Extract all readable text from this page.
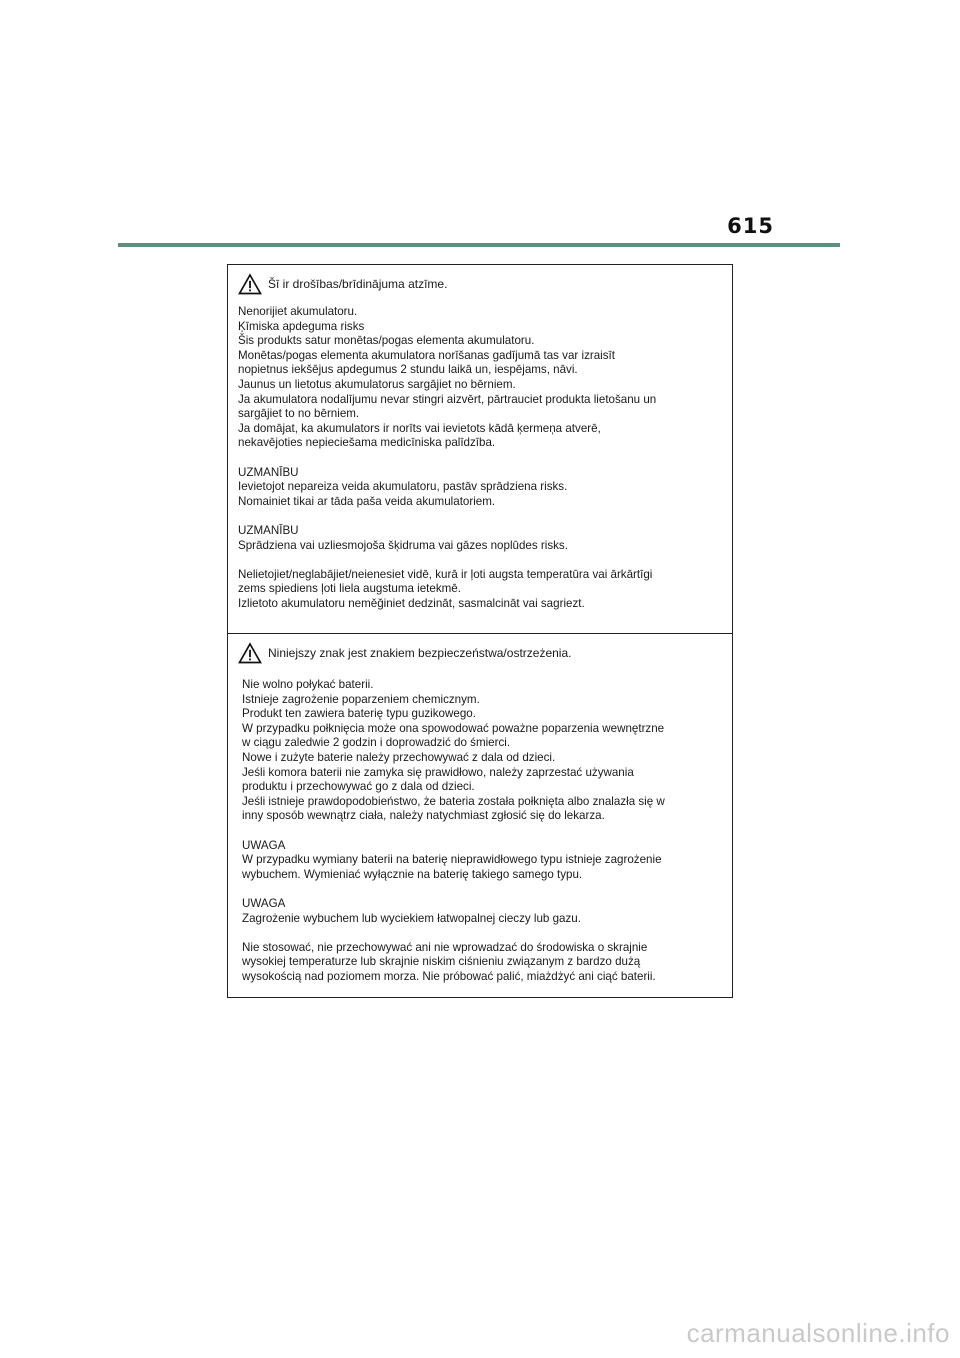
615
Šī ir drošības/brīdinājuma atzīme.
Nenorijiet akumulatoru.
Ķīmiska apdeguma risks
Šis produkts satur monētas/pogas elementa akumulatoru.
Monētas/pogas elementa akumulatora norīšanas gadījumā tas var izraisīt
nopietnus iekšējus apdegumus 2 stundu laikā un, iespējams, nāvi.
Jaunus un lietotus akumulatorus sargājiet no bērniem.
Ja akumulatora nodalījumu nevar stingri aizvērt, pārtrauciet produkta lietošanu un
sargājiet to no bērniem.
Ja domājat, ka akumulators ir norīts vai ievietots kādā ķermeņa atverē,
nekavējoties nepieciešama medicīniska palīdzība.
UZMANĪBU
Ievietojot nepareiza veida akumulatoru, pastāv sprādziena risks.
Nomainiet tikai ar tāda paša veida akumulatoriem.
UZMANĪBU
Sprādziena vai uzliesmojoša šķidruma vai gāzes noplūdes risks.
Nelietojiet/neglabājiet/neienesiet vidē, kurā ir ļoti augsta temperatūra vai ārkārtīgi
zems spiediens ļoti liela augstuma ietekmē.
Izlietoto akumulatoru neměğiniet dedzināt, sasmalcināt vai sagriezt.
Niniejszy znak jest znakiem bezpieczeństwa/ostrzeżenia.
Nie wolno połykać baterii.
Istnieje zagrożenie poparzeniem chemicznym.
Produkt ten zawiera baterię typu guzikowego.
W przypadku połknięcia może ona spowodować poważne poparzenia wewnętrzne
w ciągu zaledwie 2 godzin i doprowadzić do śmierci.
Nowe i zużyte baterie należy przechowywać z dala od dzieci.
Jeśli komora baterii nie zamyka się prawidłowo, należy zaprzestać używania
produktu i przechowywać go z dala od dzieci.
Jeśli istnieje prawdopodobieństwo, że bateria została połknięta albo znalazła się w
inny sposób wewnątrz ciała, należy natychmiast zgłosić się do lekarza.
UWAGA
W przypadku wymiany baterii na baterię nieprawidłowego typu istnieje zagrożenie
wybuchem. Wymieniać wyłącznie na baterię takiego samego typu.
UWAGA
Zagrożenie wybuchem lub wyciekiem łatwopalnej cieczy lub gazu.
Nie stosować, nie przechowywać ani nie wprowadzać do środowiska o skrajnie
wysokiej temperaturze lub skrajnie niskim ciśnieniu związanym z bardzo dużą
wysokością nad poziomem morza. Nie próbować palić, miażdżyć ani ciąć baterii.
carmanualsonline.info
